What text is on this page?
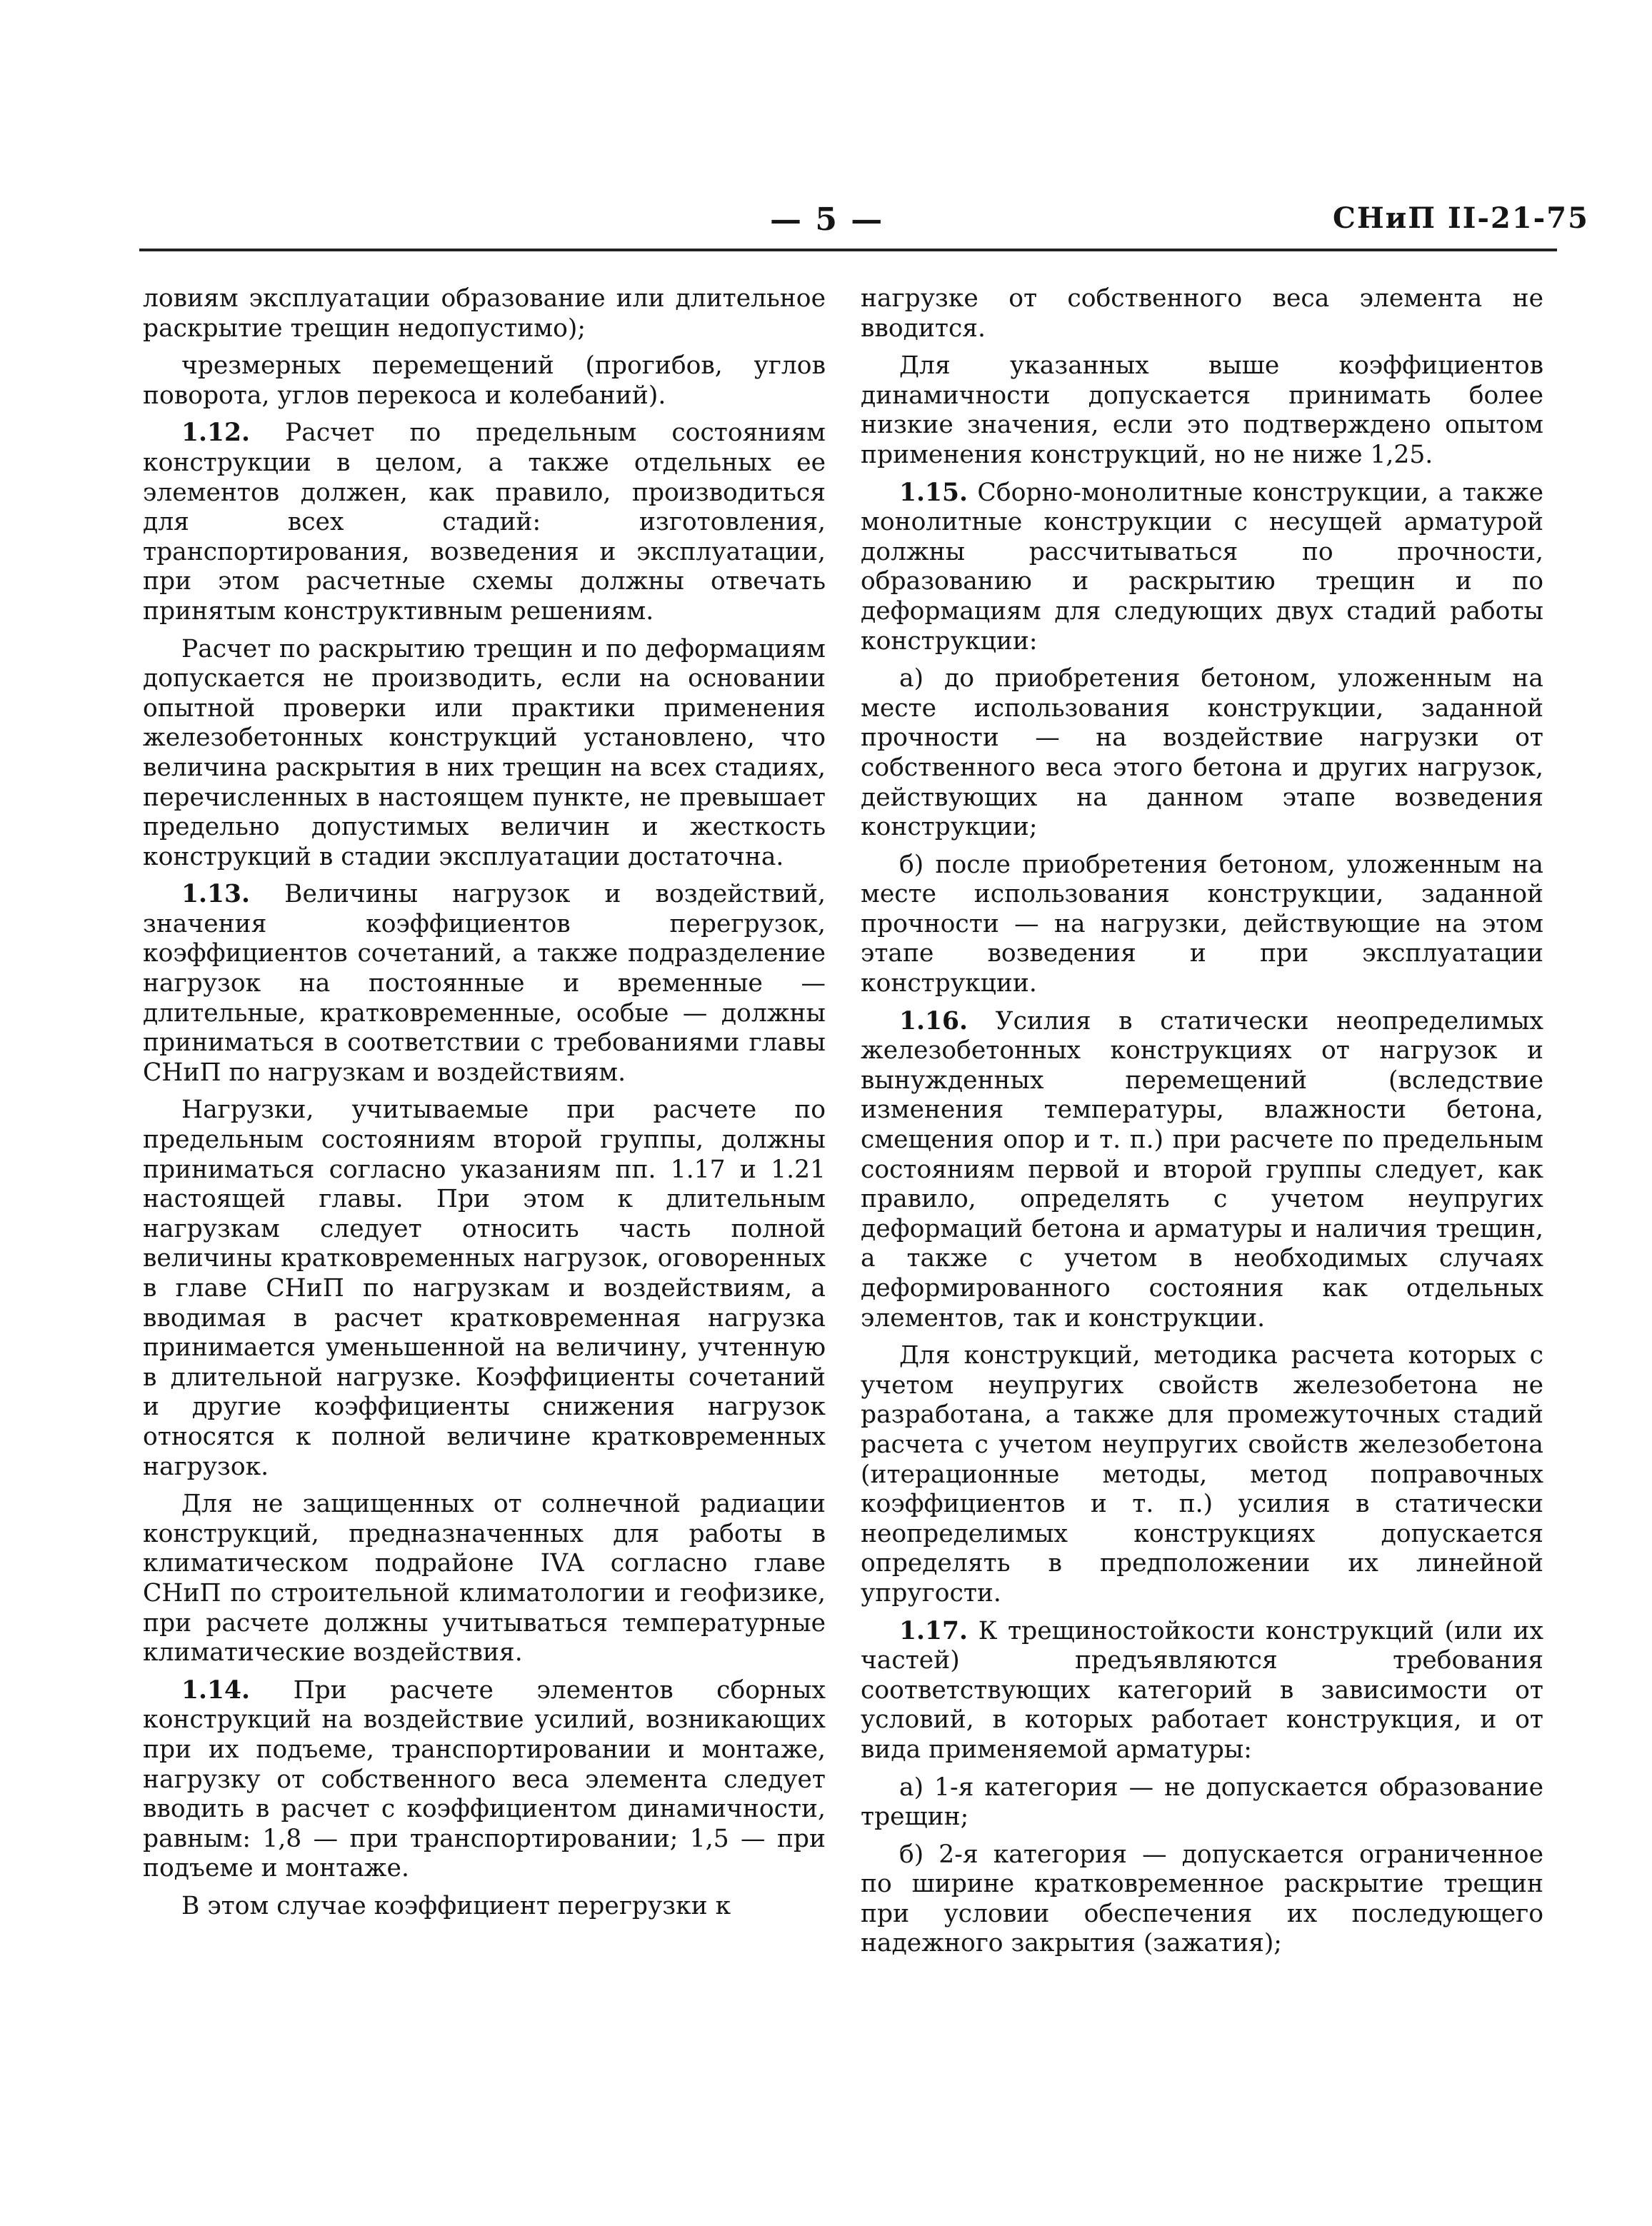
— 5 —	СНиП II-21-75

ловиям эксплуатации образование или длительное раскрытие трещин недопустимо);

чрезмерных перемещений (прогибов, углов поворота, углов перекоса и колебаний).

1.12. Расчет по предельным состояниям конструкции в целом, а также отдельных ее элементов должен, как правило, производиться для всех стадий: изготовления, транспортирования, возведения и эксплуатации, при этом расчетные схемы должны отвечать принятым конструктивным решениям.

Расчет по раскрытию трещин и по деформациям допускается не производить, если на основании опытной проверки или практики применения железобетонных конструкций установлено, что величина раскрытия в них трещин на всех стадиях, перечисленных в настоящем пункте, не превышает предельно допустимых величин и жесткость конструкций в стадии эксплуатации достаточна.

1.13. Величины нагрузок и воздействий, значения коэффициентов перегрузок, коэффициентов сочетаний, а также подразделение нагрузок на постоянные и временные — длительные, кратковременные, особые — должны приниматься в соответствии с требованиями главы СНиП по нагрузкам и воздействиям.

Нагрузки, учитываемые при расчете по предельным состояниям второй группы, должны приниматься согласно указаниям пп. 1.17 и 1.21 настоящей главы. При этом к длительным нагрузкам следует относить часть полной величины кратковременных нагрузок, оговоренных в главе СНиП по нагрузкам и воздействиям, а вводимая в расчет кратковременная нагрузка принимается уменьшенной на величину, учтенную в длительной нагрузке. Коэффициенты сочетаний и другие коэффициенты снижения нагрузок относятся к полной величине кратковременных нагрузок.

Для не защищенных от солнечной радиации конструкций, предназначенных для работы в климатическом подрайоне IVA согласно главе СНиП по строительной климатологии и геофизике, при расчете должны учитываться температурные климатические воздействия.

1.14. При расчете элементов сборных конструкций на воздействие усилий, возникающих при их подъеме, транспортировании и монтаже, нагрузку от собственного веса элемента следует вводить в расчет с коэффициентом динамичности, равным: 1,8 — при транспортировании; 1,5 — при подъеме и монтаже.

В этом случае коэффициент перегрузки к

нагрузке от собственного веса элемента не вводится.

Для указанных выше коэффициентов динамичности допускается принимать более низкие значения, если это подтверждено опытом применения конструкций, но не ниже 1,25.

1.15. Сборно-монолитные конструкции, а также монолитные конструкции с несущей арматурой должны рассчитываться по прочности, образованию и раскрытию трещин и по деформациям для следующих двух стадий работы конструкции:

а) до приобретения бетоном, уложенным на месте использования конструкции, заданной прочности — на воздействие нагрузки от собственного веса этого бетона и других нагрузок, действующих на данном этапе возведения конструкции;

б) после приобретения бетоном, уложенным на месте использования конструкции, заданной прочности — на нагрузки, действующие на этом этапе возведения и при эксплуатации конструкции.

1.16. Усилия в статически неопределимых железобетонных конструкциях от нагрузок и вынужденных перемещений (вследствие изменения температуры, влажности бетона, смещения опор и т. п.) при расчете по предельным состояниям первой и второй группы следует, как правило, определять с учетом неупругих деформаций бетона и арматуры и наличия трещин, а также с учетом в необходимых случаях деформированного состояния как отдельных элементов, так и конструкции.

Для конструкций, методика расчета которых с учетом неупругих свойств железобетона не разработана, а также для промежуточных стадий расчета с учетом неупругих свойств железобетона (итерационные методы, метод поправочных коэффициентов и т. п.) усилия в статически неопределимых конструкциях допускается определять в предположении их линейной упругости.

1.17. К трещиностойкости конструкций (или их частей) предъявляются требования соответствующих категорий в зависимости от условий, в которых работает конструкция, и от вида применяемой арматуры:

а) 1-я категория — не допускается образование трещин;

б) 2-я категория — допускается ограниченное по ширине кратковременное раскрытие трещин при условии обеспечения их последующего надежного закрытия (зажатия);
